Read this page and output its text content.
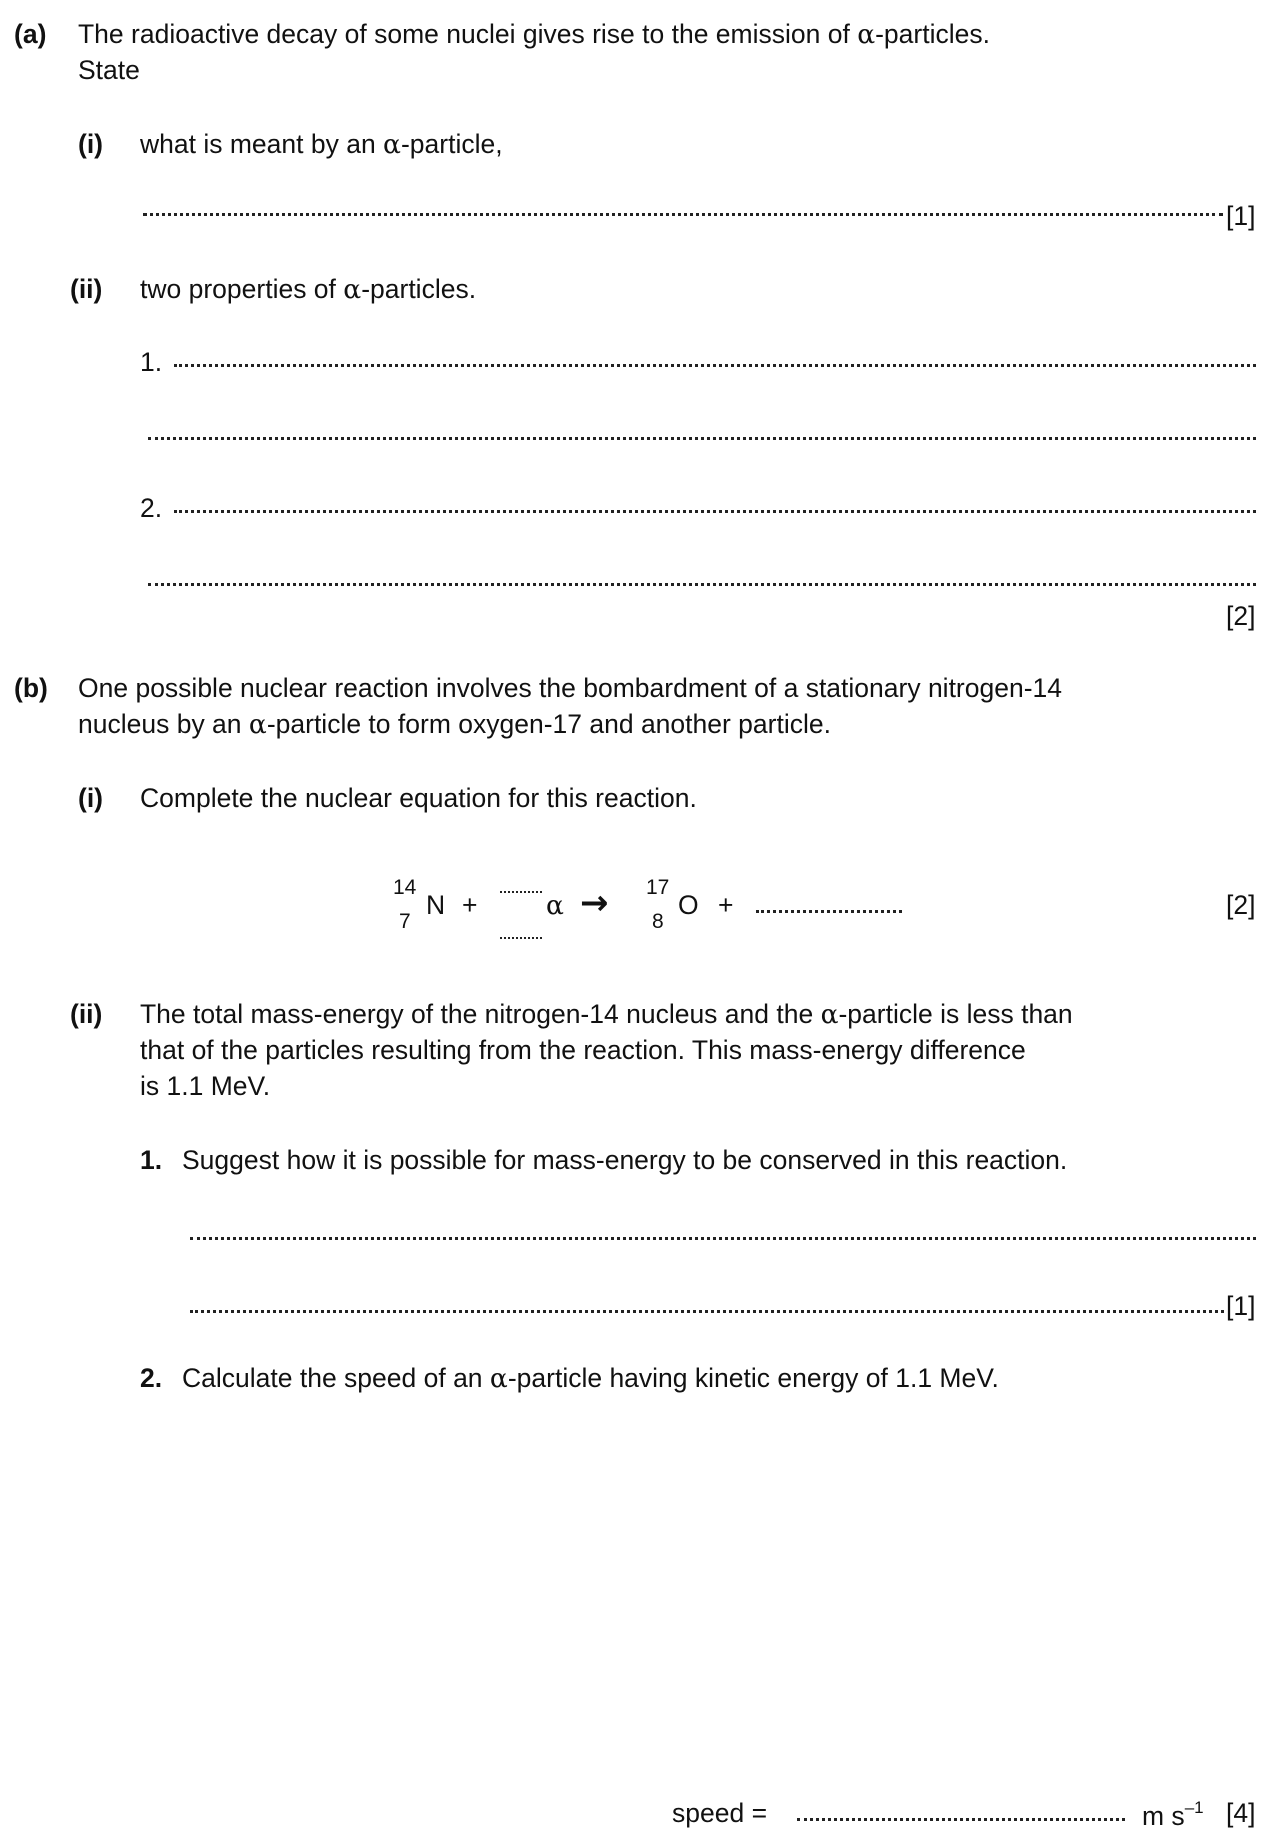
(a) The radioactive decay of some nuclei gives rise to the emission of α-particles.
State
(i) what is meant by an α-particle,
[1]
(ii) two properties of α-particles.
1.
2.
[2]
(b) One possible nuclear reaction involves the bombardment of a stationary nitrogen-14
nucleus by an α-particle to form oxygen-17 and another particle.
(i) Complete the nuclear equation for this reaction.
14
7
N +	α → 17
8
O +	[2]
(ii) The total mass-energy of the nitrogen-14 nucleus and the α-particle is less than
that of the particles resulting from the reaction. This mass-energy difference
is 1.1 MeV.
1. Suggest how it is possible for mass-energy to be conserved in this reaction.
[1]
2. Calculate the speed of an α-particle having kinetic energy of 1.1 MeV.
speed =	m $s^{-1}$ [4]
